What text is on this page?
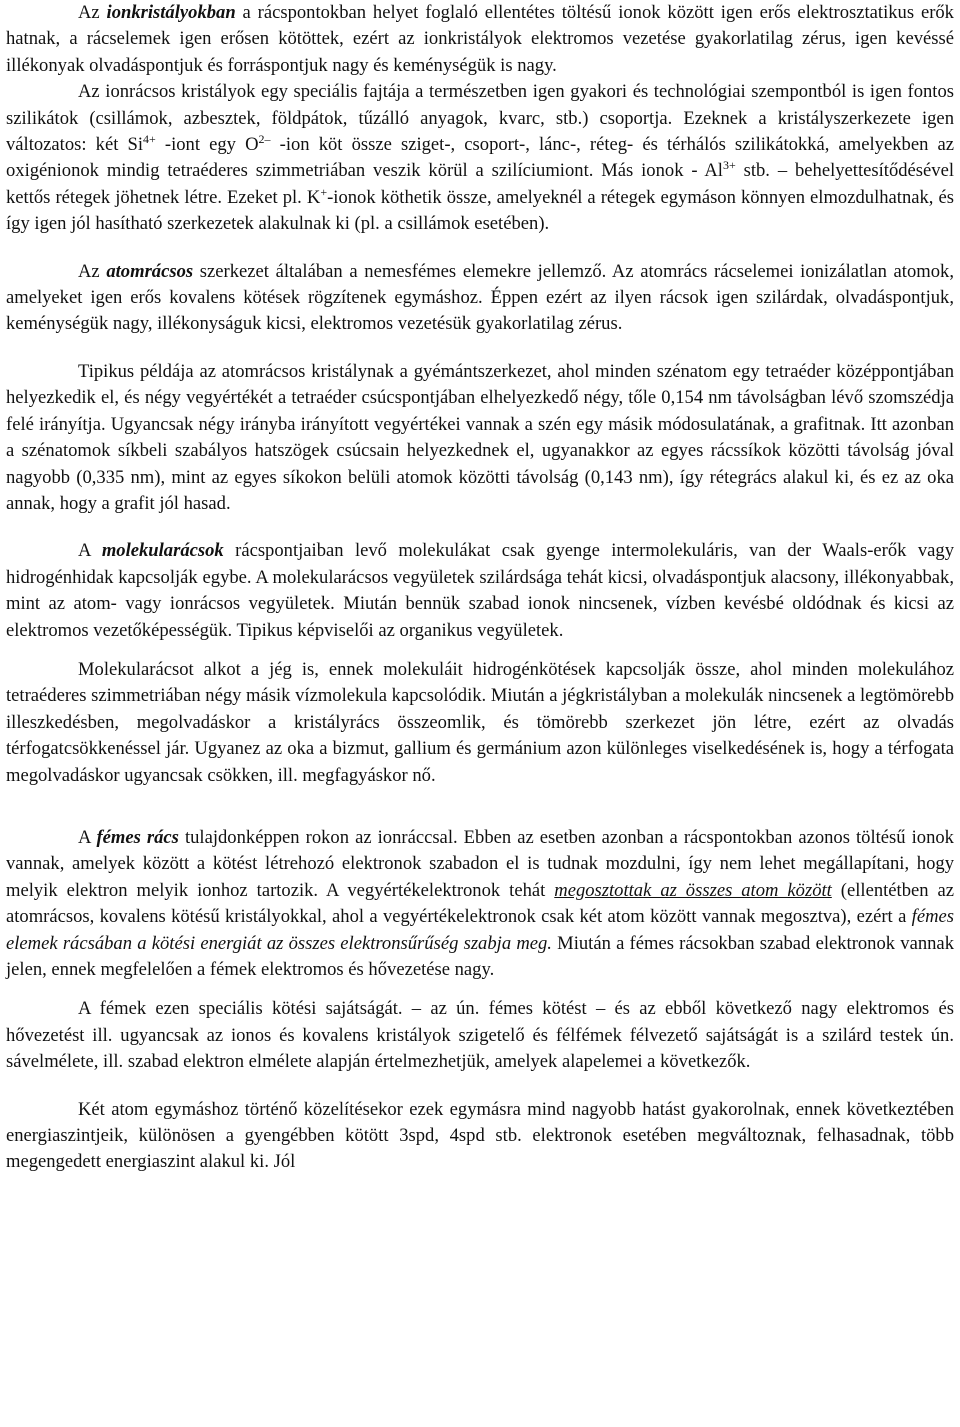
Az ionkristályokban a rácspontokban helyet foglaló ellentétes töltésű ionok között igen erős elektrosztatikus erők hatnak, a rácselemek igen erősen kötöttek, ezért az ionkristályok elektromos vezetése gyakorlatilag zérus, igen kevéssé illékonyak olvadáspontjuk és forráspontjuk nagy és keménységük is nagy.

Az ionrácsos kristályok egy speciális fajtája a természetben igen gyakori és technológiai szempontból is igen fontos szilikátok (csillámok, azbesztek, földpátok, tűzálló anyagok, kvarc, stb.) csoportja. Ezeknek a kristályszerkezete igen változatos: két $Si^{4+}$ -iont egy $O^{2-}$ -ion köt össze sziget-, csoport-, lánc-, réteg- és térhálós szilikátokká, amelyekben az oxigénionok mindig tetraéderes szimmetriában veszik körül a szilíciumiont. Más ionok - $Al^{3+}$ stb. – behelyettesítődésével kettős rétegek jöhetnek létre. Ezeket pl. K+-ionok köthetik össze, amelyeknél a rétegek egymáson könnyen elmozdulhatnak, és így igen jól hasítható szerkezetek alakulnak ki (pl. a csillámok esetében).

Az atomrácsos szerkezet általában a nemesfémes elemekre jellemző. Az atomrács rácselemei ionizálatlan atomok, amelyeket igen erős kovalens kötések rögzítenek egymáshoz. Éppen ezért az ilyen rácsok igen szilárdak, olvadáspontjuk, keménységük nagy, illékonyságuk kicsi, elektromos vezetésük gyakorlatilag zérus.

Tipikus példája az atomrácsos kristálynak a gyémántszerkezet, ahol minden szénatom egy tetraéder középpontjában helyezkedik el, és négy vegyértékét a tetraéder csúcspontjában elhelyezkedő négy, tőle 0,154 nm távolságban lévő szomszédja felé irányítja. Ugyancsak négy irányba irányított vegyértékei vannak a szén egy másik módosulatának, a grafitnak. Itt azonban a szénatomok síkbeli szabályos hatszögek csúcsain helyezkednek el, ugyanakkor az egyes rácssíkok közötti távolság jóval nagyobb (0,335 nm), mint az egyes síkokon belüli atomok közötti távolság (0,143 nm), így rétegrács alakul ki, és ez az oka annak, hogy a grafit jól hasad.

A molekularácsok rácspontjaiban levő molekulákat csak gyenge intermolekuláris, van der Waals-erők vagy hidrogénhidak kapcsolják egybe. A molekularácsos vegyületek szilárdsága tehát kicsi, olvadáspontjuk alacsony, illékonyabbak, mint az atom- vagy ionrácsos vegyületek. Miután bennük szabad ionok nincsenek, vízben kevésbé oldódnak és kicsi az elektromos vezetőképességük. Tipikus képviselői az organikus vegyületek.

Molekularácsot alkot a jég is, ennek molekuláit hidrogénkötések kapcsolják össze, ahol minden molekulához tetraéderes szimmetriában négy másik vízmolekula kapcsolódik. Miután a jégkristályban a molekulák nincsenek a legtömörebb illeszkedésben, megolvadáskor a kristályrács összeomlik, és tömörebb szerkezet jön létre, ezért az olvadás térfogatcsökkenéssel jár. Ugyanez az oka a bizmut, gallium és germánium azon különleges viselkedésének is, hogy a térfogata megolvadáskor ugyancsak csökken, ill. megfagyáskor nő.

A fémes rács tulajdonképpen rokon az ionráccsal. Ebben az esetben azonban a rácspontokban azonos töltésű ionok vannak, amelyek között a kötést létrehozó elektronok szabadon el is tudnak mozdulni, így nem lehet megállapítani, hogy melyik elektron melyik ionhoz tartozik. A vegyértékelektronok tehát megosztottak az összes atom között (ellentétben az atomrácsos, kovalens kötésű kristályokkal, ahol a vegyértékelektronok csak két atom között vannak megosztva), ezért a fémes elemek rácsában a kötési energiát az összes elektronsűrűség szabja meg. Miután a fémes rácsokban szabad elektronok vannak jelen, ennek megfelelően a fémek elektromos és hővezetése nagy.

A fémek ezen speciális kötési sajátságát. – az ún. fémes kötést – és az ebből következő nagy elektromos és hővezetést ill. ugyancsak az ionos és kovalens kristályok szigetelő és félfémek félvezető sajátságát is a szilárd testek ún. sávelmélete, ill. szabad elektron elmélete alapján értelmezhetjük, amelyek alapelemei a következők.

Két atom egymáshoz történő közelítésekor ezek egymásra mind nagyobb hatást gyakorolnak, ennek következtében energiaszintjeik, különösen a gyengébben kötött 3spd, 4spd stb. elektronok esetében megváltoznak, felhasadnak, több megengedett energiaszint alakul ki. Jól
